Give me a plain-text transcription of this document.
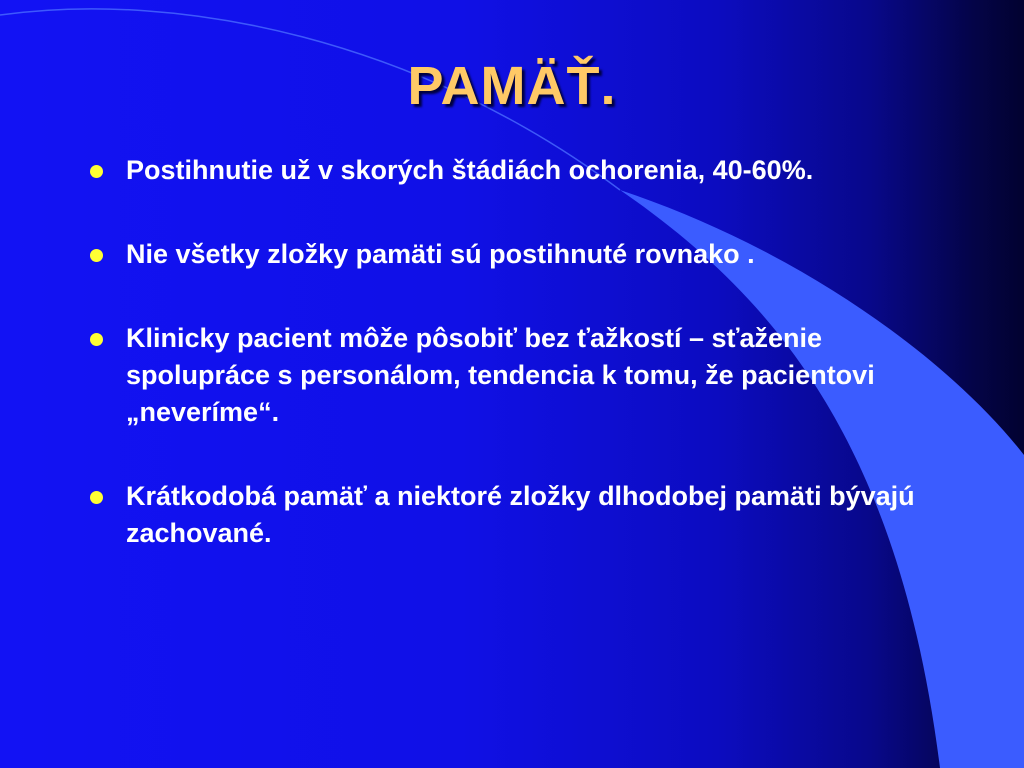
PAMÄŤ.
Postihnutie už v skorých štádiách ochorenia, 40-60%.
Nie všetky zložky pamäti sú postihnuté rovnako .
Klinicky pacient môže pôsobiť bez ťažkostí – sťaženie spolupráce s personálom, tendencia k tomu, že pacientovi „neveríme“.
Krátkodobá pamäť a niektoré zložky dlhodobej pamäti bývajú zachované.
